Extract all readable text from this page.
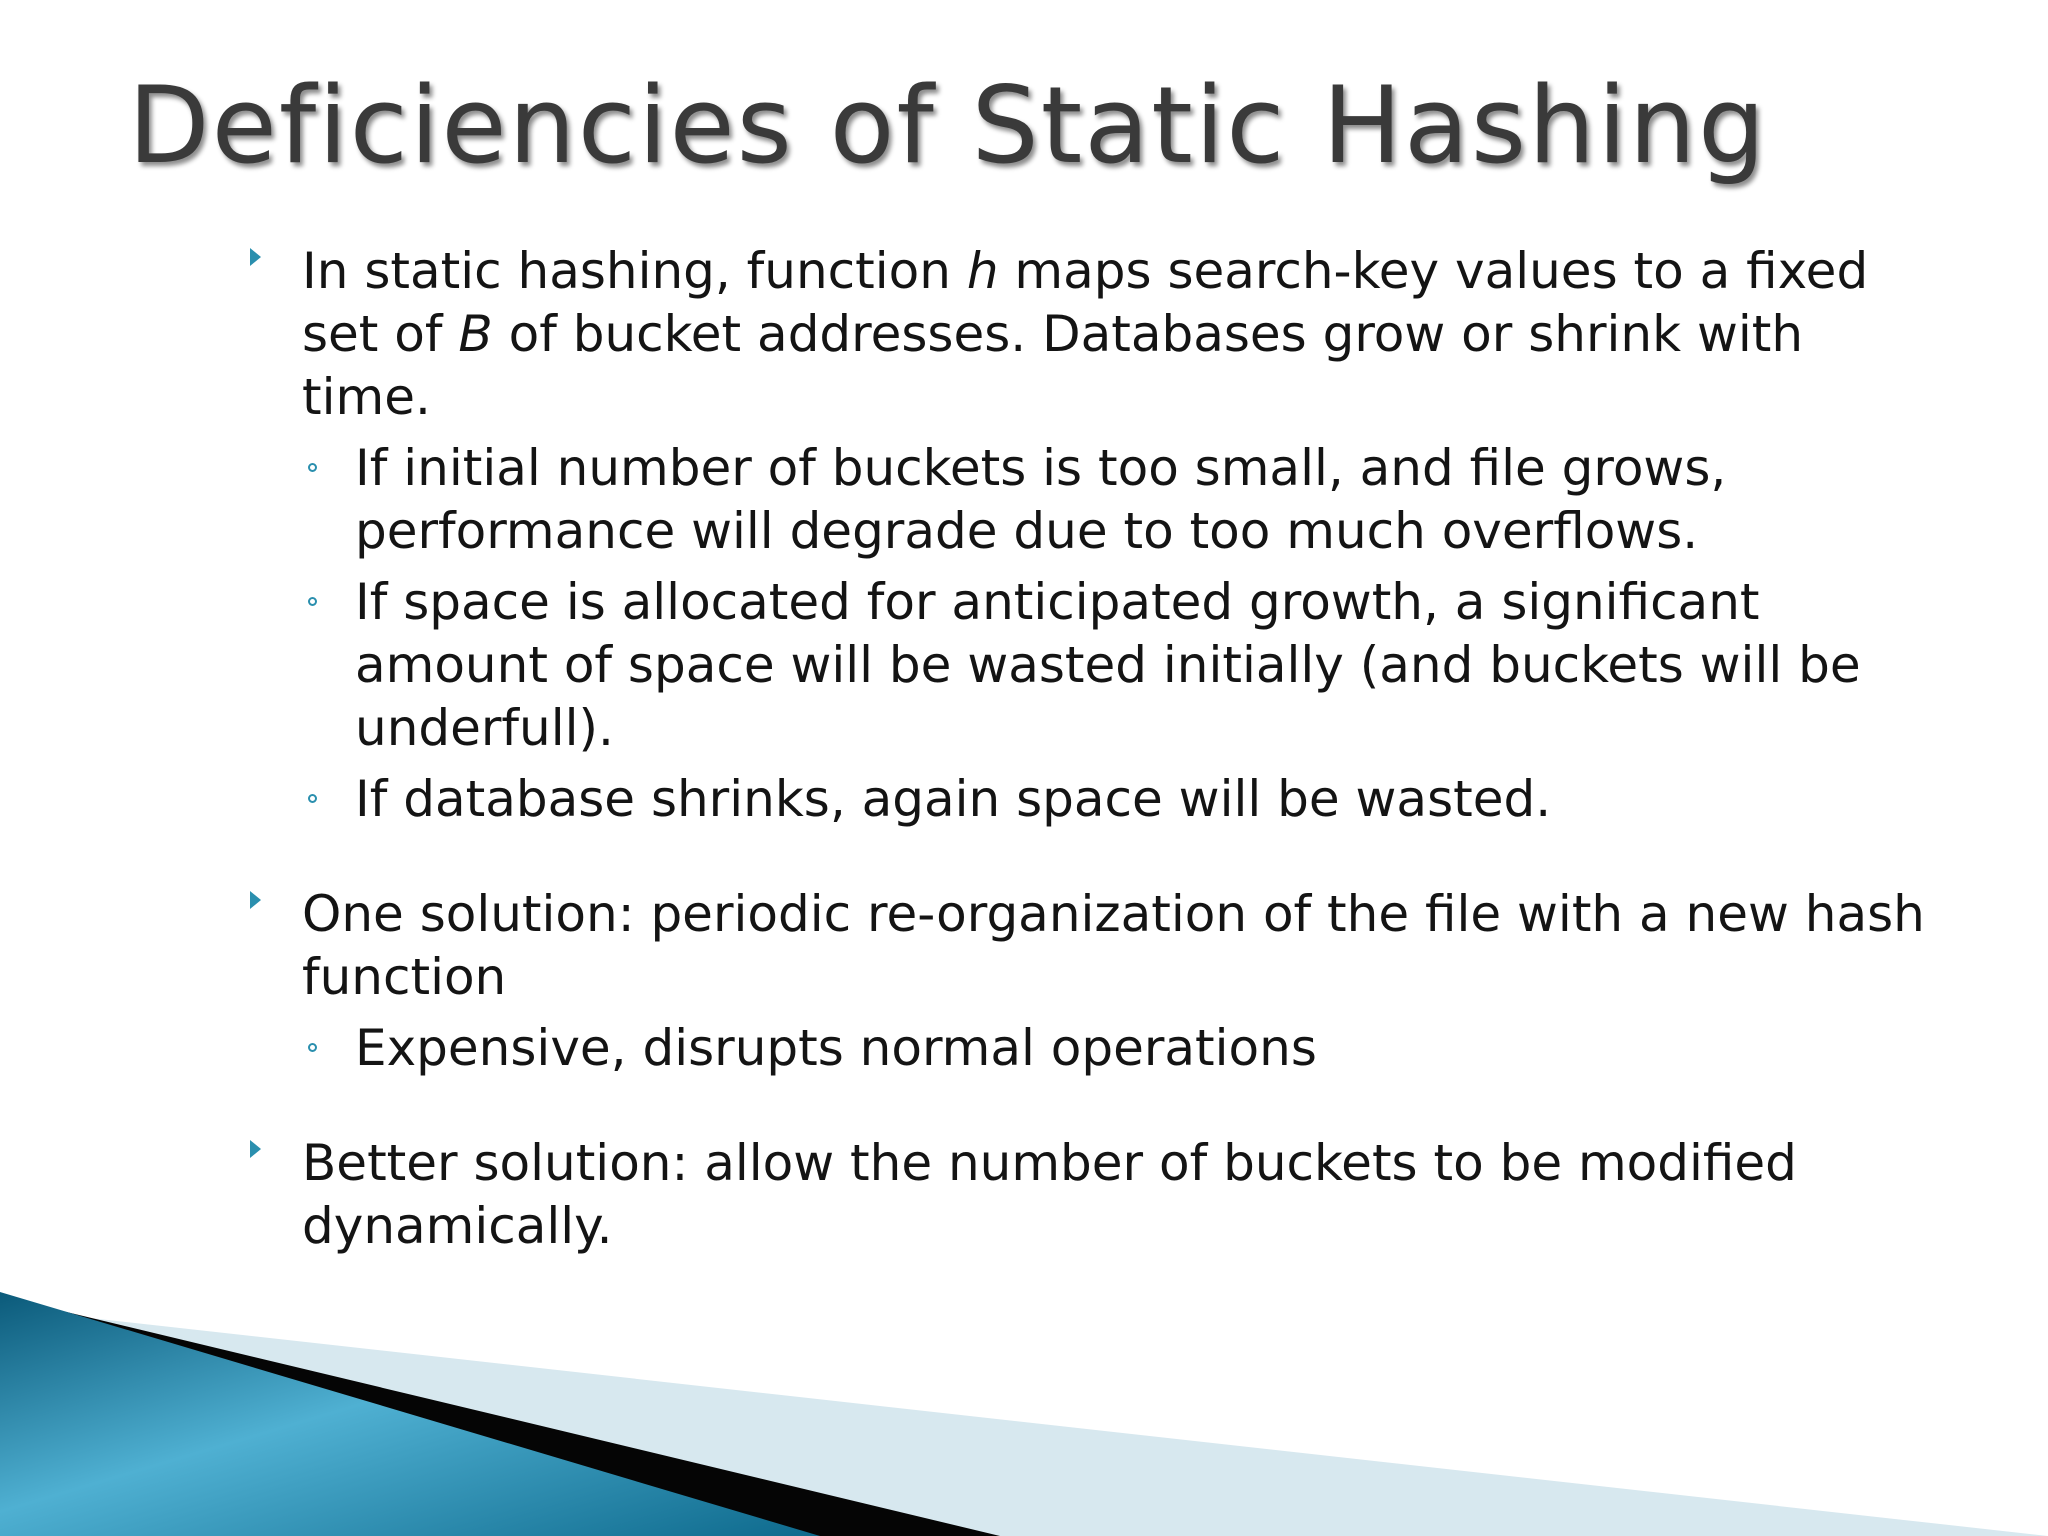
Deficiencies of Static Hashing

In static hashing, function h maps search-key values to a fixed set of B of bucket addresses. Databases grow or shrink with time.

If initial number of buckets is too small, and file grows, performance will degrade due to too much overflows.

If space is allocated for anticipated growth, a significant amount of space will be wasted initially (and buckets will be underfull).

If database shrinks, again space will be wasted.

One solution: periodic re-organization of the file with a new hash function

Expensive, disrupts normal operations

Better solution: allow the number of buckets to be modified dynamically.
